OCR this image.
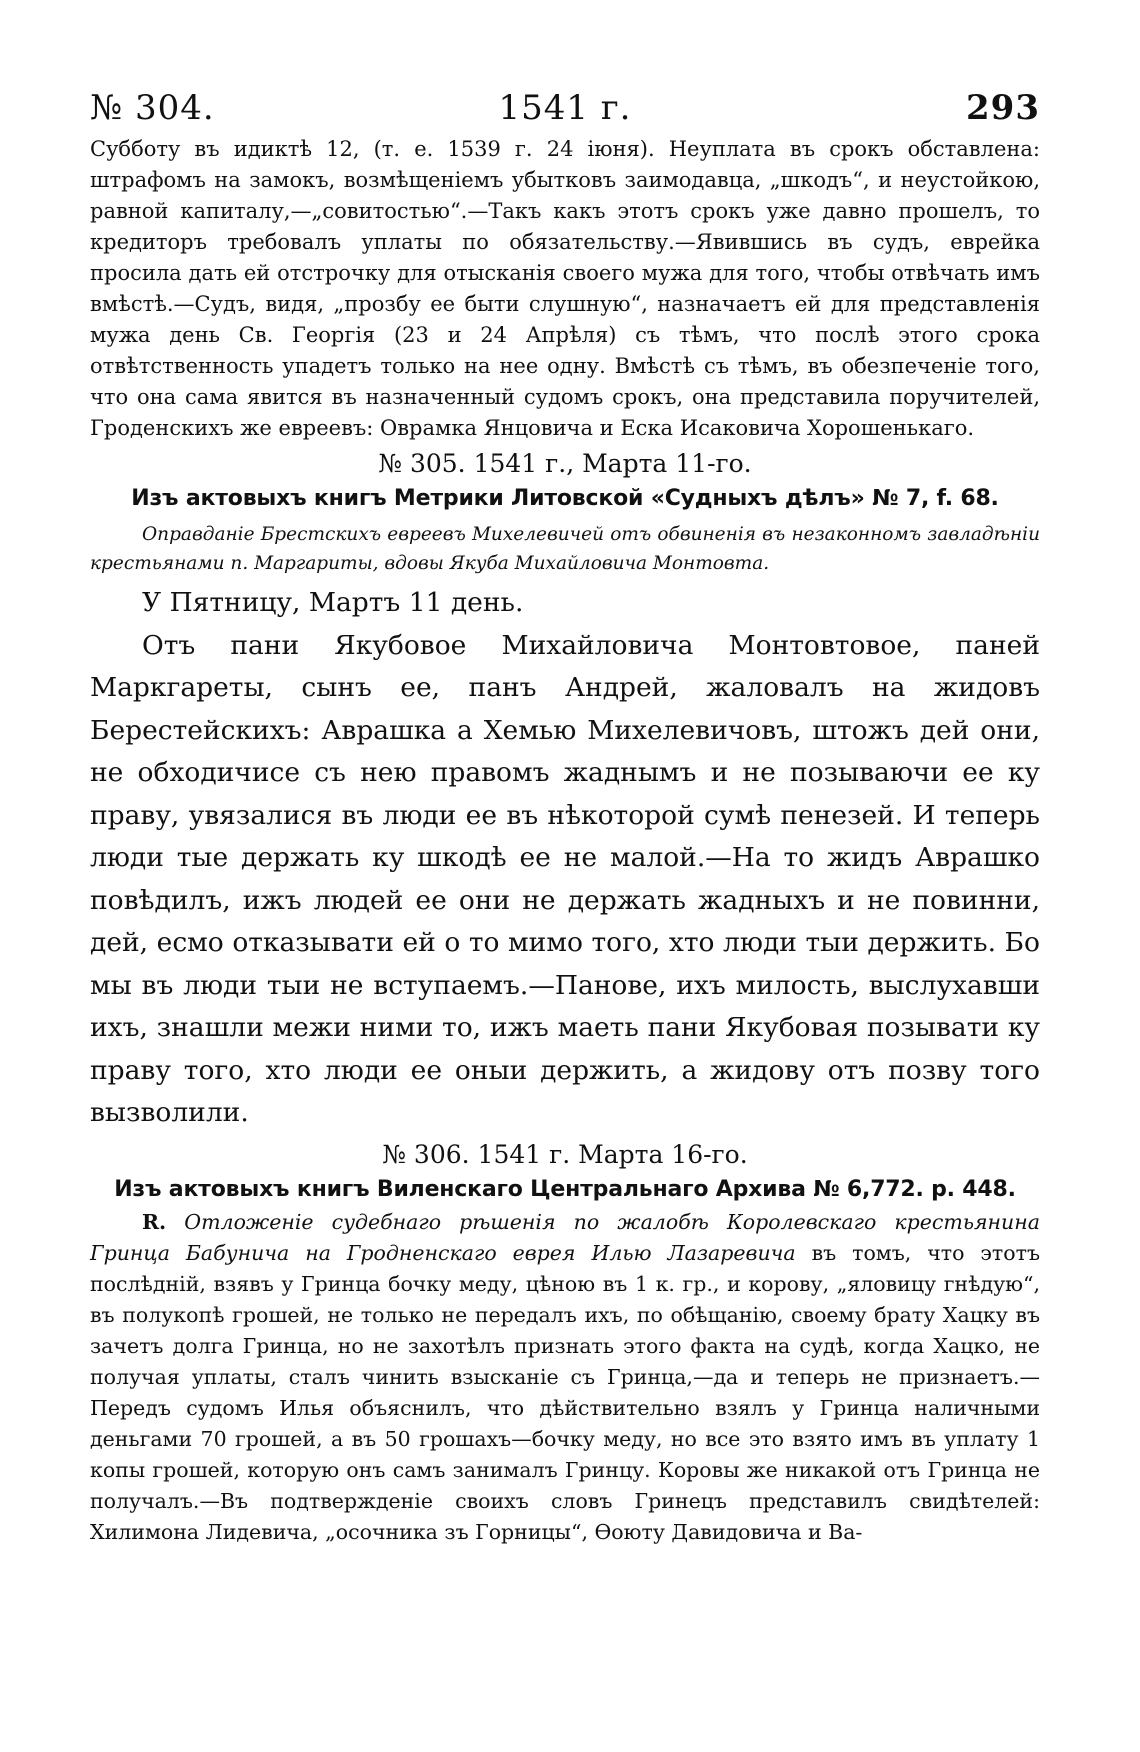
№ 304.	1541 г.	293

Субботу въ идиктѣ 12, (т. е. 1539 г. 24 іюня). Неуплата въ срокъ обставлена: штрафомъ на замокъ, возмѣщеніемъ убытковъ заимодавца, „шкодъ“, и неустойкою, равной капиталу,—„совитостью“.—Такъ какъ этотъ срокъ уже давно прошелъ, то кредиторъ требовалъ уплаты по обязательству.—Явившись въ судъ, еврейка просила дать ей отстрочку для отысканія своего мужа для того, чтобы отвѣчать имъ вмѣстѣ.—Судъ, видя, „прозбу ее быти слушную“, назначаетъ ей для представленія мужа день Св. Георгія (23 и 24 Апрѣля) съ тѣмъ, что послѣ этого срока отвѣтственность упадетъ только на нее одну. Вмѣстѣ съ тѣмъ, въ обезпеченіе того, что она сама явится въ назначенный судомъ срокъ, она представила поручителей, Гроденскихъ же евреевъ: Оврамка Янцовича и Еска Исаковича Хорошенькаго.

№ 305. 1541 г., Марта 11-го.

Изъ актовыхъ книгъ Метрики Литовской «Судныхъ дѣлъ» № 7, f. 68.

Оправданіе Брестскихъ евреевъ Михелевичей отъ обвиненія въ незаконномъ завладѣніи крестьянами п. Маргариты, вдовы Якуба Михайловича Монтовта.

У Пятницу, Мартъ 11 день.

Отъ пани Якубовое Михайловича Монтовтовое, паней Маркгареты, сынъ ее, панъ Андрей, жаловалъ на жидовъ Берестейскихъ: Аврашка а Хемью Михелевичовъ, штожъ дей они, не обходичисе съ нею правомъ жаднымъ и не позываючи ее ку праву, увязалися въ люди ее въ нѣкоторой сумѣ пенезей. И теперь люди тые держать ку шкодѣ ее не малой.—На то жидъ Аврашко повѣдилъ, ижъ людей ее они не держать жадныхъ и не повинни, дей, есмо отказывати ей о то мимо того, хто люди тыи держить. Бо мы въ люди тыи не вступаемъ.—Панове, ихъ милость, выслухавши ихъ, знашли межи ними то, ижъ маеть пани Якубовая позывати ку праву того, хто люди ее оныи держить, а жидову отъ позву того вызволили.

№ 306. 1541 г. Марта 16-го.

Изъ актовыхъ книгъ Виленскаго Центральнаго Архива № 6,772. р. 448.

R. Отложеніе судебнаго рѣшенія по жалобѣ Королевскаго крестьянина Гринца Бабунича на Гродненскаго еврея Илью Лазаревича въ томъ, что этотъ послѣдній, взявъ у Гринца бочку меду, цѣною въ 1 к. гр., и корову, „яловицу гнѣдую“, въ полукопѣ грошей, не только не передалъ ихъ, по обѣщанію, своему брату Хацку въ зачетъ долга Гринца, но не захотѣлъ признать этого факта на судѣ, когда Хацко, не получая уплаты, сталъ чинить взысканіе съ Гринца,—да и теперь не признаетъ.—Передъ судомъ Илья объяснилъ, что дѣйствительно взялъ у Гринца наличными деньгами 70 грошей, а въ 50 грошахъ—бочку меду, но все это взято имъ въ уплату 1 копы грошей, которую онъ самъ занималъ Гринцу. Коровы же никакой отъ Гринца не получалъ.—Въ подтвержденіе своихъ словъ Гринецъ представилъ свидѣтелей: Хилимона Лидевича, „осочника зъ Горницы“, Өоюту Давидовича и Ва-
